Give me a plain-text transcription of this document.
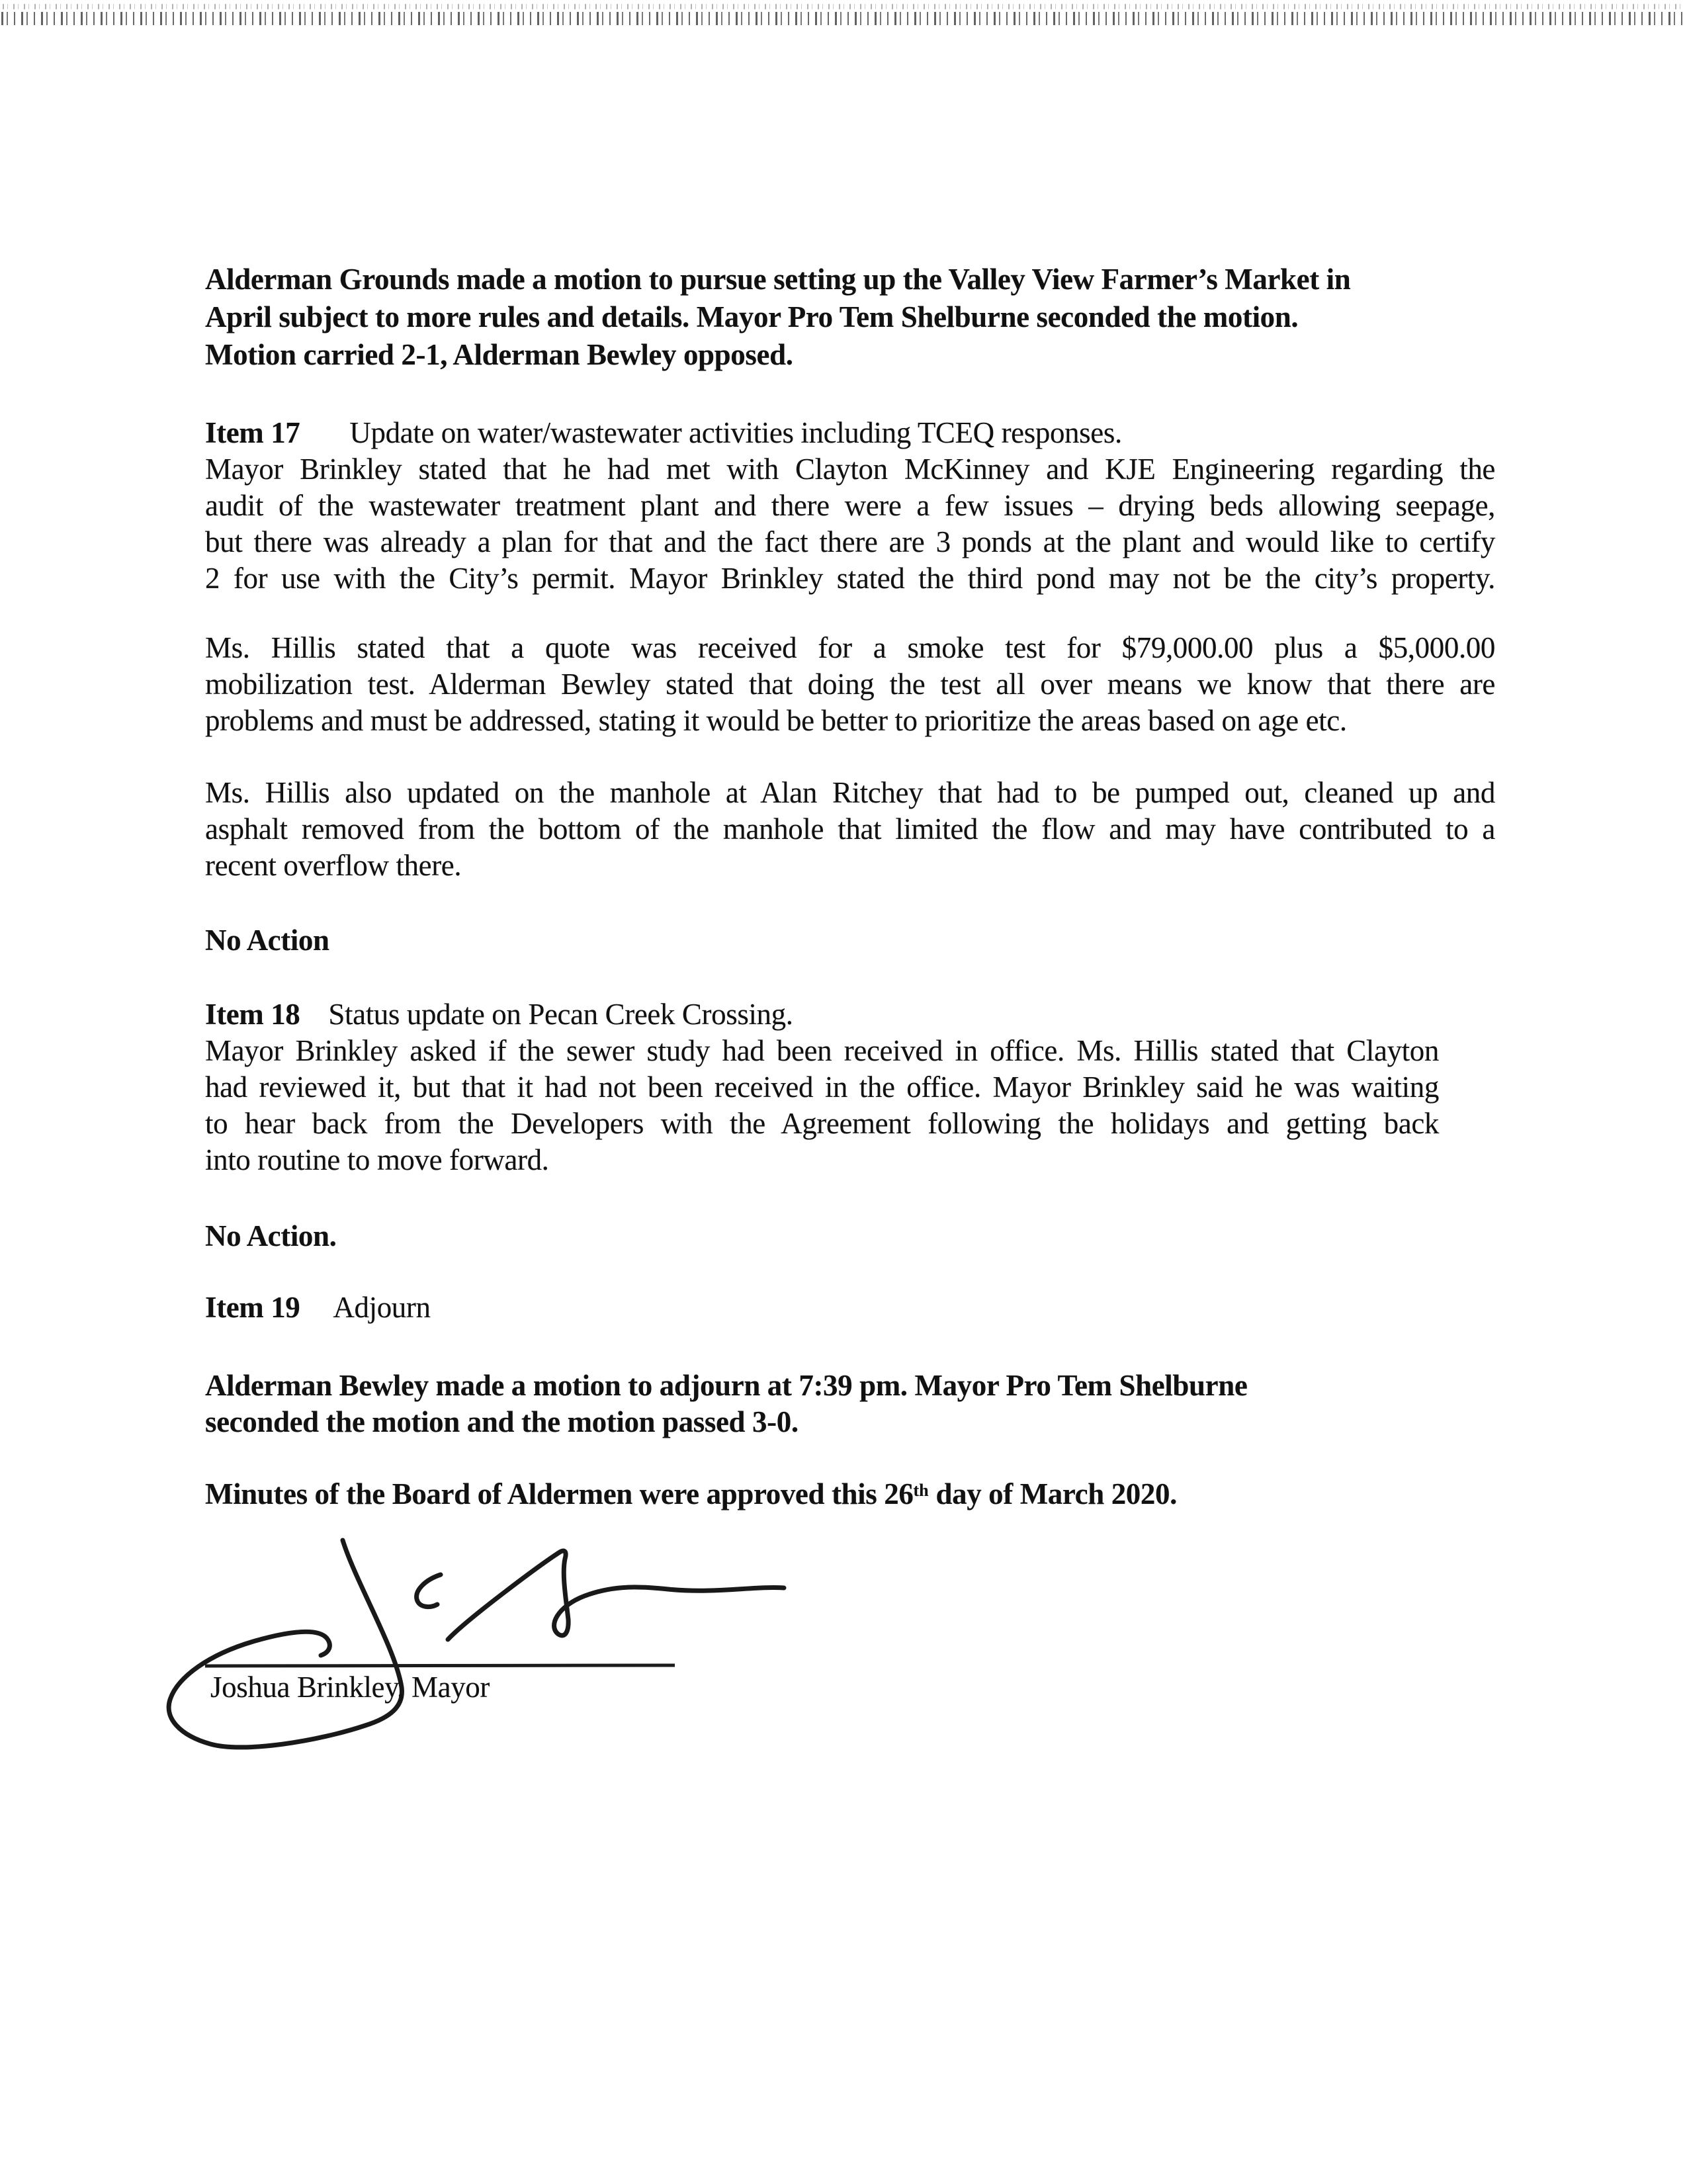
Alderman Grounds made a motion to pursue setting up the Valley View Farmer’s Market in
April subject to more rules and details. Mayor Pro Tem Shelburne seconded the motion.
Motion carried 2-1, Alderman Bewley opposed.
Item 17 Update on water/wastewater activities including TCEQ responses.
Mayor Brinkley stated that he had met with Clayton McKinney and KJE Engineering regarding the
audit of the wastewater treatment plant and there were a few issues – drying beds allowing seepage,
but there was already a plan for that and the fact there are 3 ponds at the plant and would like to certify
2 for use with the City’s permit. Mayor Brinkley stated the third pond may not be the city’s property.
Ms. Hillis stated that a quote was received for a smoke test for $79,000.00 plus a $5,000.00
mobilization test. Alderman Bewley stated that doing the test all over means we know that there are
problems and must be addressed, stating it would be better to prioritize the areas based on age etc.
Ms. Hillis also updated on the manhole at Alan Ritchey that had to be pumped out, cleaned up and
asphalt removed from the bottom of the manhole that limited the flow and may have contributed to a
recent overflow there.
No Action
Item 18 Status update on Pecan Creek Crossing.
Mayor Brinkley asked if the sewer study had been received in office. Ms. Hillis stated that Clayton
had reviewed it, but that it had not been received in the office. Mayor Brinkley said he was waiting
to hear back from the Developers with the Agreement following the holidays and getting back
into routine to move forward.
No Action.
Item 19 Adjourn
Alderman Bewley made a motion to adjourn at 7:39 pm. Mayor Pro Tem Shelburne
seconded the motion and the motion passed 3-0.
Minutes of the Board of Aldermen were approved this 26th day of March 2020.
Joshua Brinkley, Mayor
